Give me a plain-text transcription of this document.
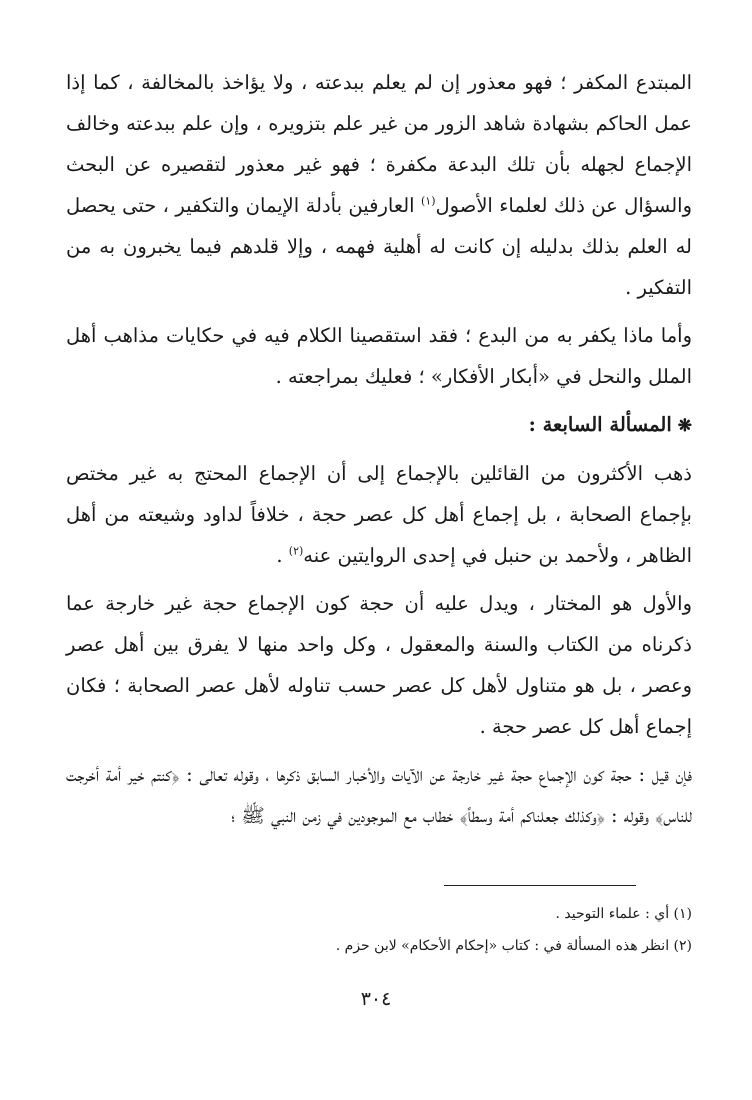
المبتدع المكفر ؛ فهو معذور إن لم يعلم ببدعته ، ولا يؤاخذ بالمخالفة ، كما إذا عمل الحاكم بشهادة شاهد الزور من غير علم بتزويره ، وإن علم ببدعته وخالف الإجماع لجهله بأن تلك البدعة مكفرة ؛ فهو غير معذور لتقصيره عن البحث والسؤال عن ذلك لعلماء الأصول$^{(١)}$ العارفين بأدلة الإيمان والتكفير ، حتى يحصل له العلم بذلك بدليله إن كانت له أهلية فهمه ، وإلا قلدهم فيما يخبرون به من التفكير .

وأما ماذا يكفر به من البدع ؛ فقد استقصينا الكلام فيه في حكايات مذاهب أهل الملل والنحل في «أبكار الأفكار» ؛ فعليك بمراجعته .

❋المسألة السابعة :

ذهب الأكثرون من القائلين بالإجماع إلى أن الإجماع المحتج به غير مختص بإجماع الصحابة ، بل إجماع أهل كل عصر حجة ، خلافاً لداود وشيعته من أهل الظاهر ، ولأحمد بن حنبل في إحدى الروايتين عنه$^{(٢)}$ .

والأول هو المختار ، ويدل عليه أن حجة كون الإجماع حجة غير خارجة عما ذكرناه من الكتاب والسنة والمعقول ، وكل واحد منها لا يفرق بين أهل عصر وعصر ، بل هو متناول لأهل كل عصر حسب تناوله لأهل عصر الصحابة ؛ فكان إجماع أهل كل عصر حجة .

فإن قيل : حجة كون الإجماع حجة غير خارجة عن الآيات والأخبار السابق ذكرها ، وقوله تعالى : ﴿كنتم خير أمة أخرجت للناس﴾ وقوله : ﴿وكذلك جعلناكم أمة وسطاً﴾ خطاب مع الموجودين في زمن النبي ﷺ ؛

(١) أي : علماء التوحيد .

(٢) انظر هذه المسألة في : كتاب «إحكام الأحكام» لابن حزم .

٣٠٤
